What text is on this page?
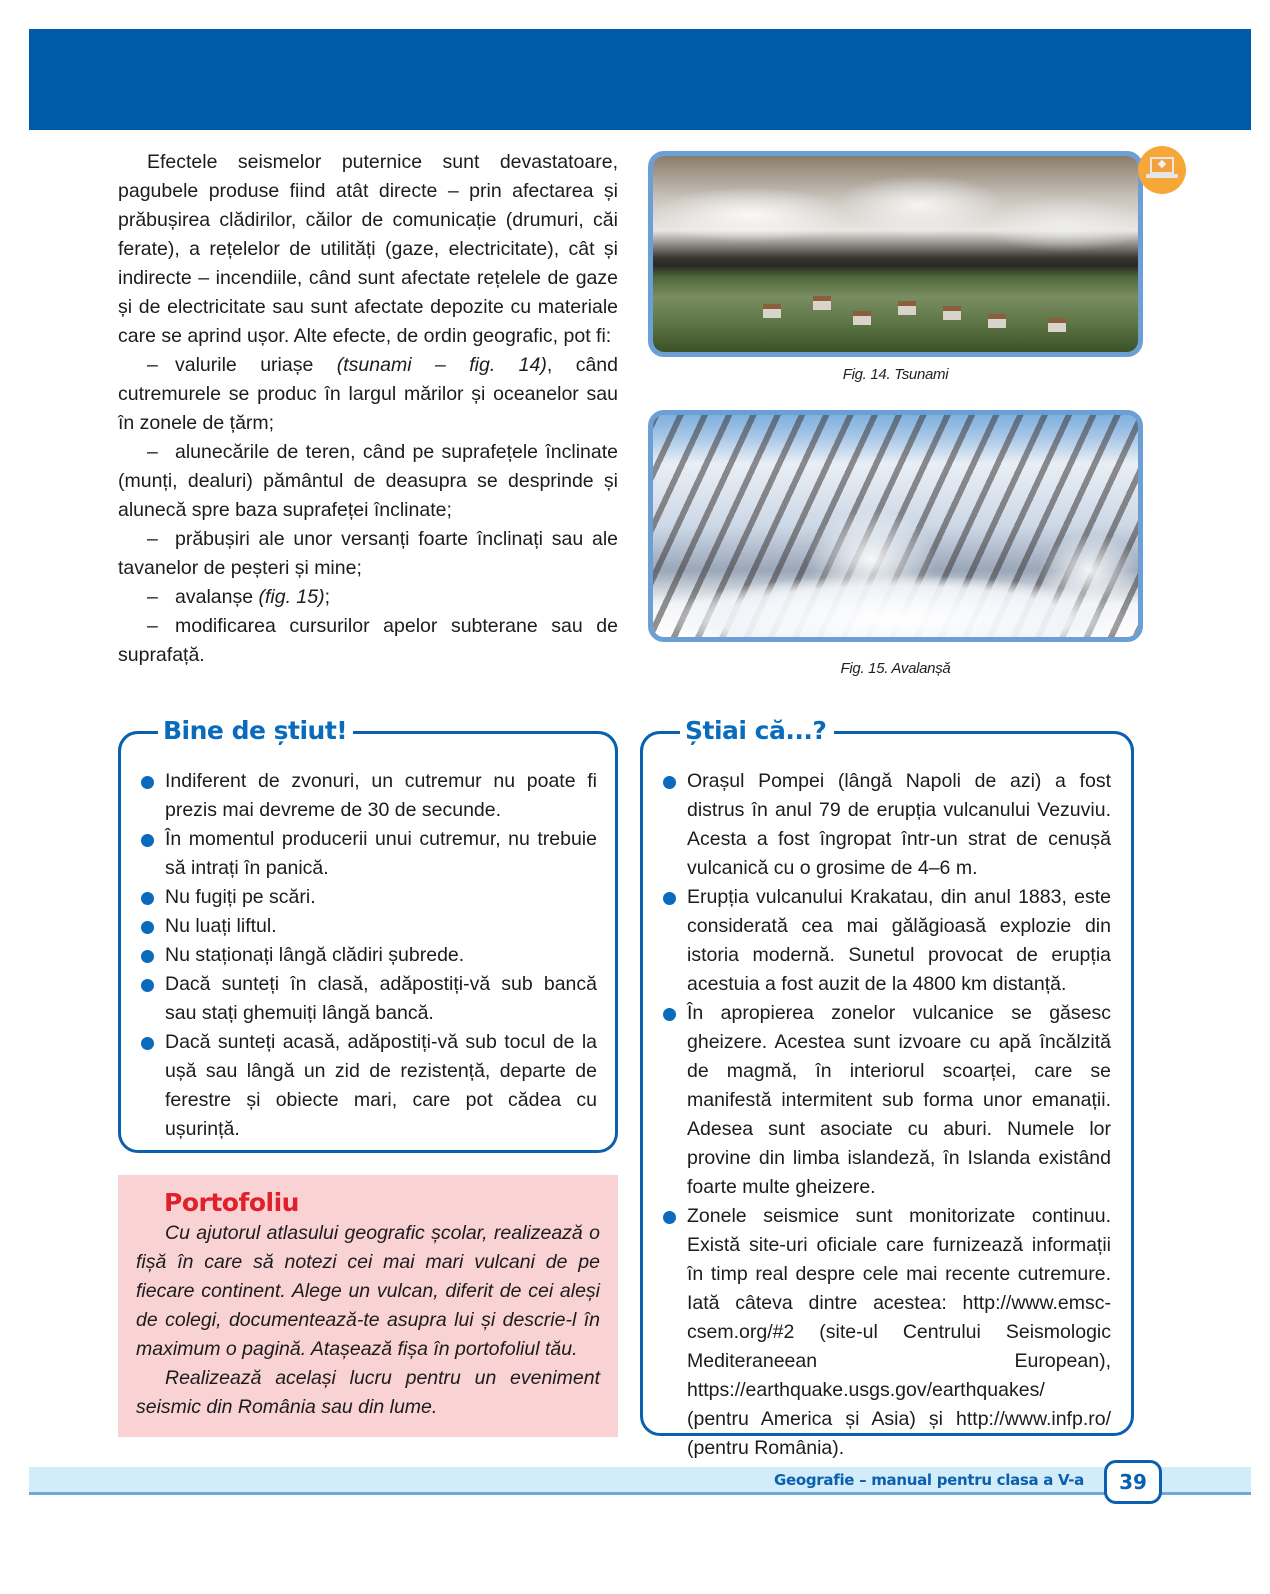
Efectele seismelor puternice sunt devastatoare, pagubele produse fiind atât directe – prin afectarea și prăbușirea clădirilor, căilor de comunicație (drumuri, căi ferate), a rețelelor de utilități (gaze, electricitate), cât și indirecte – incendiile, când sunt afectate rețelele de gaze și de electricitate sau sunt afectate depozite cu materiale care se aprind ușor. Alte efecte, de ordin geografic, pot fi:

– valurile uriașe (tsunami – fig. 14), când cutremurele se produc în largul mărilor și oceanelor sau în zonele de țărm;

– alunecările de teren, când pe suprafețele înclinate (munți, dealuri) pământul de deasupra se desprinde și alunecă spre baza suprafeței înclinate;

– prăbușiri ale unor versanți foarte înclinați sau ale tavanelor de peșteri și mine;

– avalanșe (fig. 15);

– modificarea cursurilor apelor subterane sau de suprafață.

Fig. 14. Tsunami
Fig. 15. Avalanșă
Bine de știut!
Indiferent de zvonuri, un cutremur nu poate fi prezis mai devreme de 30 de secunde.
În momentul producerii unui cutremur, nu trebuie să intrați în panică.
Nu fugiți pe scări.
Nu luați liftul.
Nu staționați lângă clădiri șubrede.
Dacă sunteți în clasă, adăpostiți-vă sub bancă sau stați ghemuiți lângă bancă.
Dacă sunteți acasă, adăpostiți-vă sub tocul de la ușă sau lângă un zid de rezistență, departe de ferestre și obiecte mari, care pot cădea cu ușurință.
Portofoliu

Cu ajutorul atlasului geografic școlar, realizează o fișă în care să notezi cei mai mari vulcani de pe fiecare continent. Alege un vulcan, diferit de cei aleși de colegi, documentează-te asupra lui și descrie-l în maximum o pagină. Atașează fișa în portofoliul tău.

Realizează același lucru pentru un eveniment seismic din România sau din lume.

Știai că...?
Orașul Pompei (lângă Napoli de azi) a fost distrus în anul 79 de erupția vulcanului Vezuviu. Acesta a fost îngropat într-un strat de cenușă vulcanică cu o grosime de 4–6 m.
Erupția vulcanului Krakatau, din anul 1883, este considerată cea mai gălăgioasă explozie din istoria modernă. Sunetul provocat de erupția acestuia a fost auzit de la 4800 km distanță.
În apropierea zonelor vulcanice se găsesc gheizere. Acestea sunt izvoare cu apă încălzită de magmă, în interiorul scoarței, care se manifestă intermitent sub forma unor emanații. Adesea sunt asociate cu aburi. Numele lor provine din limba islandeză, în Islanda existând foarte multe gheizere.
Zonele seismice sunt monitorizate continuu. Există site-uri oficiale care furnizează informații în timp real despre cele mai recente cutremure. Iată câteva dintre acestea: http://www.emsc-csem.org/#2 (site-ul Centrului Seismologic Mediteraneean European), https://earthquake.usgs.gov/earthquakes/ (pentru America și Asia) și http://www.infp.ro/ (pentru România).
Geografie – manual pentru clasa a V-a	39
